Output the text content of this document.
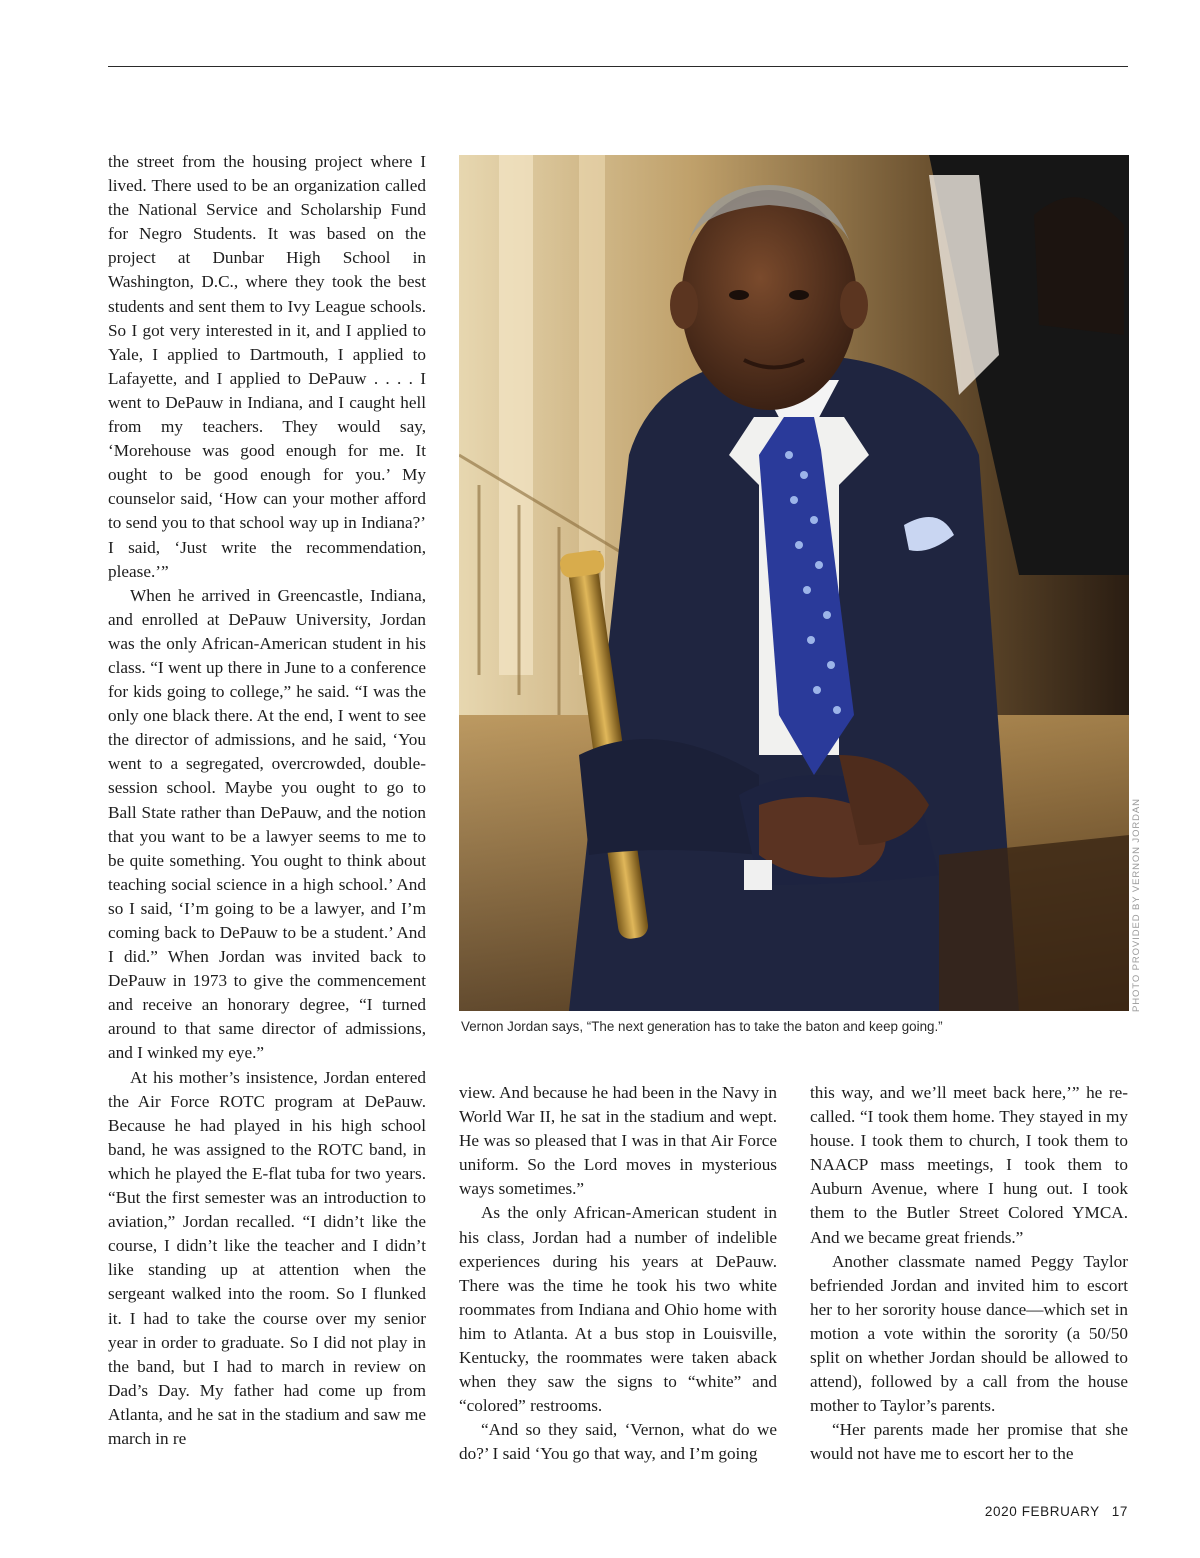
the street from the housing project where I lived. There used to be an organization called the National Service and Scholarship Fund for Negro Students. It was based on the project at Dunbar High School in Washington, D.C., where they took the best students and sent them to Ivy League schools. So I got very interested in it, and I applied to Yale, I applied to Dartmouth, I applied to Lafayette, and I applied to DePauw . . . . I went to DePauw in Indiana, and I caught hell from my teachers. They would say, ‘Morehouse was good enough for me. It ought to be good enough for you.’ My counselor said, ‘How can your mother afford to send you to that school way up in Indiana?’ I said, ‘Just write the recommendation, please.’”

When he arrived in Greencastle, Indiana, and enrolled at DePauw University, Jordan was the only African-American student in his class. “I went up there in June to a conference for kids going to college,” he said. “I was the only one black there. At the end, I went to see the director of admissions, and he said, ‘You went to a segregated, overcrowded, double-session school. Maybe you ought to go to Ball State rather than DePauw, and the notion that you want to be a lawyer seems to me to be quite something. You ought to think about teaching social science in a high school.’ And so I said, ‘I’m going to be a lawyer, and I’m coming back to DePauw to be a student.’ And I did.” When Jordan was invited back to DePauw in 1973 to give the commencement and receive an honorary degree, “I turned around to that same director of admissions, and I winked my eye.”

At his mother’s insistence, Jordan entered the Air Force ROTC program at DePauw. Because he had played in his high school band, he was assigned to the ROTC band, in which he played the E-flat tuba for two years. “But the first semester was an introduction to aviation,” Jordan recalled. “I didn’t like the course, I didn’t like the teacher and I didn’t like standing up at attention when the sergeant walked into the room. So I flunked it. I had to take the course over my senior year in order to graduate. So I did not play in the band, but I had to march in review on Dad’s Day. My father had come up from Atlanta, and he sat in the stadium and saw me march in re

PHOTO PROVIDED BY VERNON JORDAN
Vernon Jordan says, “The next generation has to take the baton and keep going.”

view. And because he had been in the Navy in World War II, he sat in the stadium and wept. He was so pleased that I was in that Air Force uniform. So the Lord moves in mysterious ways sometimes.”

As the only African-American student in his class, Jordan had a number of indelible experiences during his years at DePauw. There was the time he took his two white roommates from Indiana and Ohio home with him to Atlanta. At a bus stop in Louisville, Kentucky, the roommates were taken aback when they saw the signs to “white” and “colored” restrooms.

“And so they said, ‘Vernon, what do we do?’ I said ‘You go that way, and I’m going

this way, and we’ll meet back here,’” he recalled. “I took them home. They stayed in my house. I took them to church, I took them to NAACP mass meetings, I took them to Auburn Avenue, where I hung out. I took them to the Butler Street Colored YMCA. And we became great friends.”

Another classmate named Peggy Taylor befriended Jordan and invited him to escort her to her sorority house dance—which set in motion a vote within the sorority (a 50/50 split on whether Jordan should be allowed to attend), followed by a call from the house mother to Taylor’s parents.

“Her parents made her promise that she would not have me to escort her to the

2020 FEBRUARY 17
